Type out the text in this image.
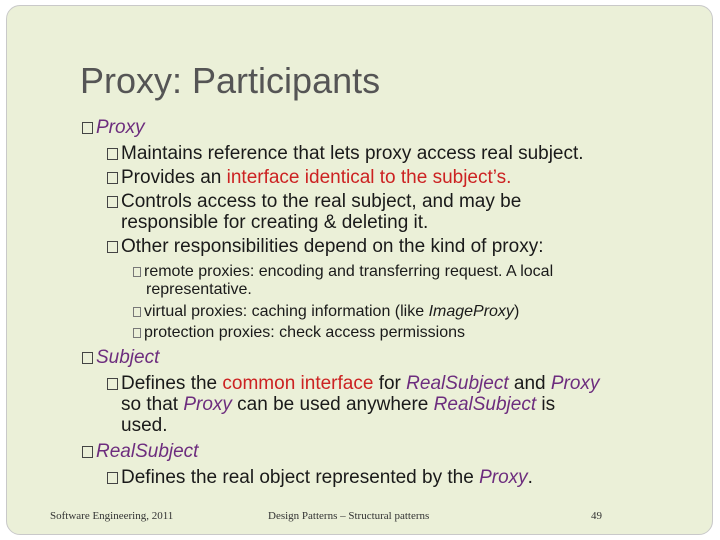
Proxy: Participants
Proxy
Maintains reference that lets proxy access real subject.
Provides an interface identical to the subject’s.
Controls access to the real subject, and may be
responsible for creating & deleting it.
Other responsibilities depend on the kind of proxy:
remote proxies: encoding and transferring request. A local
representative.
virtual proxies: caching information (like ImageProxy)
protection proxies: check access permissions
Subject
Defines the common interface for RealSubject and Proxy
so that Proxy can be used anywhere RealSubject is
used.
RealSubject
Defines the real object represented by the Proxy.
Software Engineering, 2011	Design Patterns – Structural patterns	49
